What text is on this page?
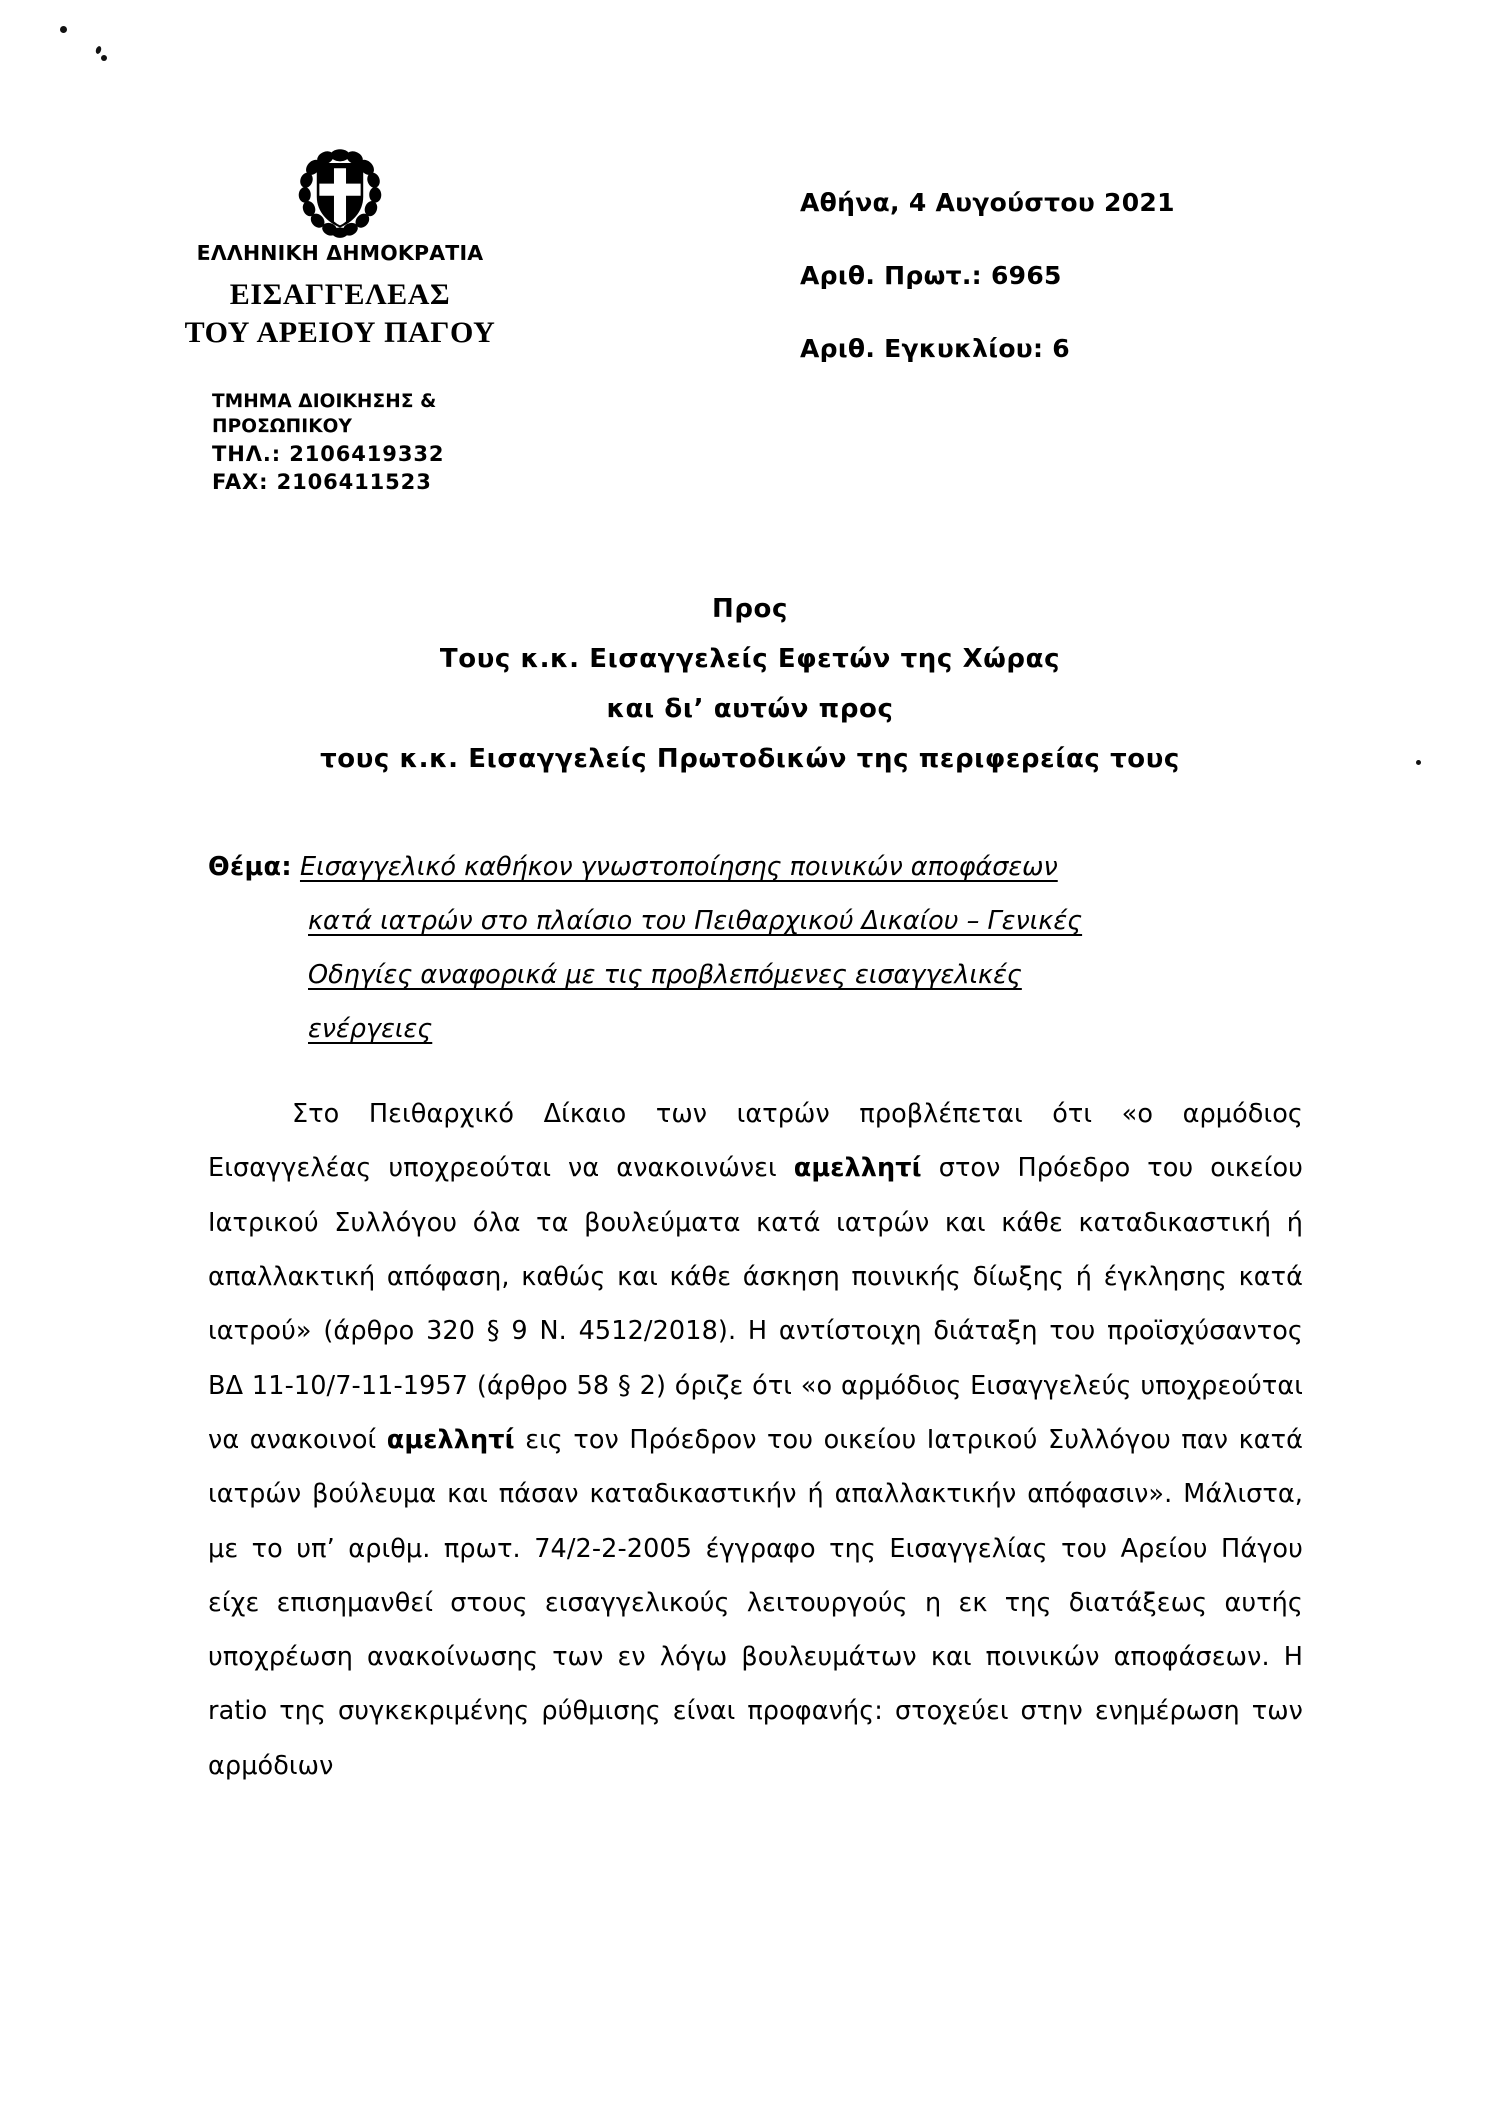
ΕΛΛΗΝΙΚΗ ΔΗΜΟΚΡΑΤΙΑ
ΕΙΣΑΓΓΕΛΕΑΣ
ΤΟΥ ΑΡΕΙΟΥ ΠΑΓΟΥ
ΤΜΗΜΑ ΔΙΟΙΚΗΣΗΣ &
ΠΡΟΣΩΠΙΚΟΥ
ΤΗΛ.: 2106419332
FAX: 2106411523
Αθήνα, 4 Αυγούστου 2021
Αριθ. Πρωτ.: 6965
Αριθ. Εγκυκλίου: 6
Προς
Τους κ.κ. Εισαγγελείς Εφετών της Χώρας
και δι’ αυτών προς
τους κ.κ. Εισαγγελείς Πρωτοδικών της περιφερείας τους
Θέμα: Εισαγγελικό καθήκον γνωστοποίησης ποινικών αποφάσεων
κατά ιατρών στο πλαίσιο του Πειθαρχικού Δικαίου – Γενικές
Οδηγίες αναφορικά με τις προβλεπόμενες εισαγγελικές
ενέργειες

Στο Πειθαρχικό Δίκαιο των ιατρών προβλέπεται ότι «ο αρμόδιος Εισαγγελέας υποχρεούται να ανακοινώνει αμελλητί στον Πρόεδρο του οικείου Ιατρικού Συλλόγου όλα τα βουλεύματα κατά ιατρών και κάθε καταδικαστική ή απαλλακτική απόφαση, καθώς και κάθε άσκηση ποινικής δίωξης ή έγκλησης κατά ιατρού» (άρθρο 320 § 9 Ν. 4512/2018). Η αντίστοιχη διάταξη του προϊσχύσαντος ΒΔ 11-10/7-11-1957 (άρθρο 58 § 2) όριζε ότι «ο αρμόδιος Εισαγγελεύς υποχρεούται να ανακοινοί αμελλητί εις τον Πρόεδρον του οικείου Ιατρικού Συλλόγου παν κατά ιατρών βούλευμα και πάσαν καταδικαστικήν ή απαλλακτικήν απόφασιν». Μάλιστα, με το υπ’ αριθμ. πρωτ. 74/2-2-2005 έγγραφο της Εισαγγελίας του Αρείου Πάγου είχε επισημανθεί στους εισαγγελικούς λειτουργούς η εκ της διατάξεως αυτής υποχρέωση ανακοίνωσης των εν λόγω βουλευμάτων και ποινικών αποφάσεων. Η ratio της συγκεκριμένης ρύθμισης είναι προφανής: στοχεύει στην ενημέρωση των αρμόδιων
